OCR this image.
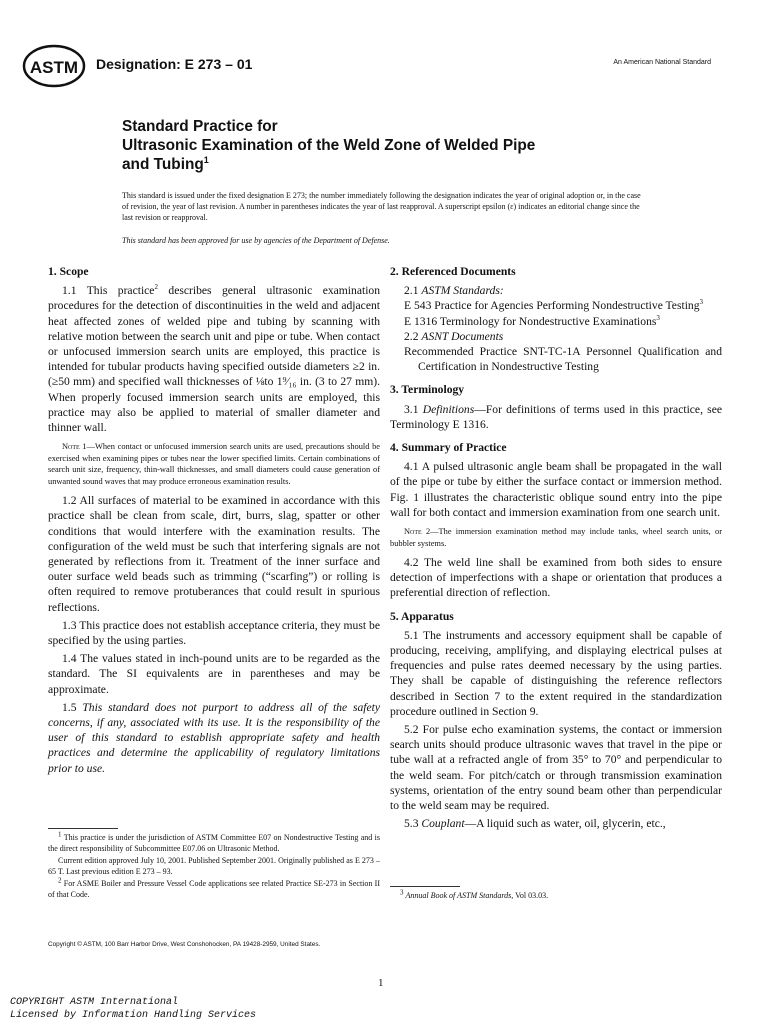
ASTM Designation: E 273 – 01	An American National Standard
Standard Practice for
Ultrasonic Examination of the Weld Zone of Welded Pipe
and Tubing$^1$
This standard is issued under the fixed designation E 273; the number immediately following the designation indicates the year of original adoption or, in the case of revision, the year of last revision. A number in parentheses indicates the year of last reapproval. A superscript epsilon (ε) indicates an editorial change since the last revision or reapproval.
This standard has been approved for use by agencies of the Department of Defense.
1. Scope

1.1 This practice$^2$ describes general ultrasonic examination procedures for the detection of discontinuities in the weld and adjacent heat affected zones of welded pipe and tubing by scanning with relative motion between the search unit and pipe or tube. When contact or unfocused immersion search units are employed, this practice is intended for tubular products having specified outside diameters ≥2 in. (≥50 mm) and specified wall thicknesses of ⅛to 1⁹⁄₁₆ in. (3 to 27 mm). When properly focused immersion search units are employed, this practice may also be applied to material of smaller diameter and thinner wall.

Note 1—When contact or unfocused immersion search units are used, precautions should be exercised when examining pipes or tubes near the lower specified limits. Certain combinations of search unit size, frequency, thin-wall thicknesses, and small diameters could cause generation of unwanted sound waves that may produce erroneous examination results.

1.2 All surfaces of material to be examined in accordance with this practice shall be clean from scale, dirt, burrs, slag, spatter or other conditions that would interfere with the examination results. The configuration of the weld must be such that interfering signals are not generated by reflections from it. Treatment of the inner surface and outer surface weld beads such as trimming (“scarfing”) or rolling is often required to remove protuberances that could result in spurious reflections.

1.3 This practice does not establish acceptance criteria, they must be specified by the using parties.

1.4 The values stated in inch-pound units are to be regarded as the standard. The SI equivalents are in parentheses and may be approximate.

1.5 This standard does not purport to address all of the safety concerns, if any, associated with its use. It is the responsibility of the user of this standard to establish appropriate safety and health practices and determine the applicability of regulatory limitations prior to use.

2. Referenced Documents

2.1 ASTM Standards:

E 543 Practice for Agencies Performing Nondestructive Testing$^3$

E 1316 Terminology for Nondestructive Examinations$^3$

2.2 ASNT Documents

Recommended Practice SNT-TC-1A Personnel Qualification and Certification in Nondestructive Testing

3. Terminology

3.1 Definitions—For definitions of terms used in this practice, see Terminology E 1316.

4. Summary of Practice

4.1 A pulsed ultrasonic angle beam shall be propagated in the wall of the pipe or tube by either the surface contact or immersion method. Fig. 1 illustrates the characteristic oblique sound entry into the pipe wall for both contact and immersion examination from one search unit.

Note 2—The immersion examination method may include tanks, wheel search units, or bubbler systems.

4.2 The weld line shall be examined from both sides to ensure detection of imperfections with a shape or orientation that produces a preferential direction of reflection.

5. Apparatus

5.1 The instruments and accessory equipment shall be capable of producing, receiving, amplifying, and displaying electrical pulses at frequencies and pulse rates deemed necessary by the using parties. They shall be capable of distinguishing the reference reflectors described in Section 7 to the extent required in the standardization procedure outlined in Section 9.

5.2 For pulse echo examination systems, the contact or immersion search units should produce ultrasonic waves that travel in the pipe or tube wall at a refracted angle of from 35° to 70° and perpendicular to the weld seam. For pitch/catch or through transmission examination systems, orientation of the entry sound beam other than perpendicular to the weld seam may be required.

5.3 Couplant—A liquid such as water, oil, glycerin, etc.,

$^1$ This practice is under the jurisdiction of ASTM Committee E07 on Nondestructive Testing and is the direct responsibility of Subcommittee E07.06 on Ultrasonic Method.

Current edition approved July 10, 2001. Published September 2001. Originally published as E 273 – 65 T. Last previous edition E 273 – 93.

$^2$ For ASME Boiler and Pressure Vessel Code applications see related Practice SE-273 in Section II of that Code.	$^3$ Annual Book of ASTM Standards, Vol 03.03.
Copyright © ASTM, 100 Barr Harbor Drive, West Conshohocken, PA 19428-2959, United States.
1
COPYRIGHT ASTM International
Licensed by Information Handling Services
